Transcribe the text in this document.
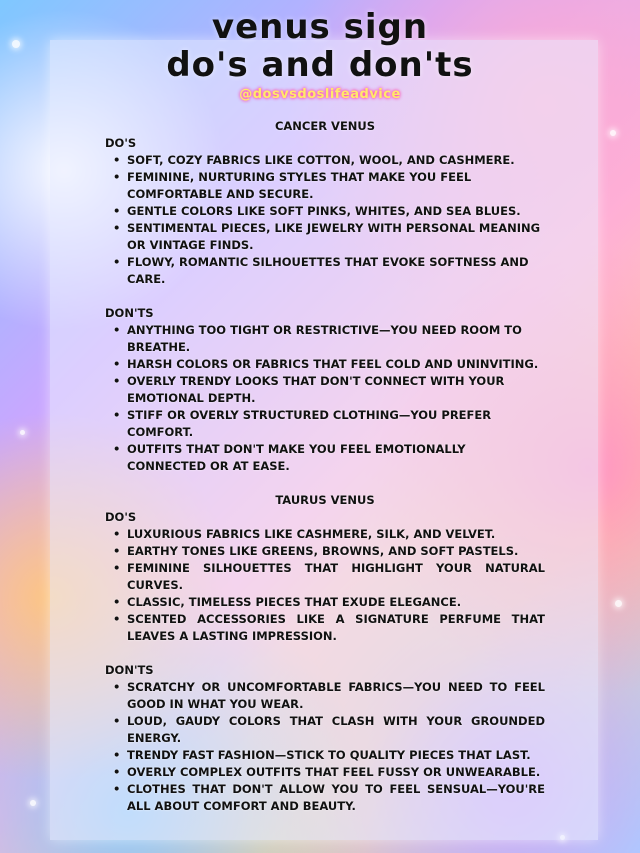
venus sign
do's and don'ts
@dosvsdoslifeadvice

CANCER VENUS

DO'S

• SOFT, COZY FABRICS LIKE COTTON, WOOL, AND CASHMERE.
• FEMININE, NURTURING STYLES THAT MAKE YOU FEEL COMFORTABLE AND SECURE.
• GENTLE COLORS LIKE SOFT PINKS, WHITES, AND SEA BLUES.
• SENTIMENTAL PIECES, LIKE JEWELRY WITH PERSONAL MEANING OR VINTAGE FINDS.
• FLOWY, ROMANTIC SILHOUETTES THAT EVOKE SOFTNESS AND CARE.

DON'TS

• ANYTHING TOO TIGHT OR RESTRICTIVE—YOU NEED ROOM TO BREATHE.
• HARSH COLORS OR FABRICS THAT FEEL COLD AND UNINVITING.
• OVERLY TRENDY LOOKS THAT DON'T CONNECT WITH YOUR EMOTIONAL DEPTH.
• STIFF OR OVERLY STRUCTURED CLOTHING—YOU PREFER COMFORT.
• OUTFITS THAT DON'T MAKE YOU FEEL EMOTIONALLY CONNECTED OR AT EASE.

TAURUS VENUS

DO'S

• LUXURIOUS FABRICS LIKE CASHMERE, SILK, AND VELVET.
• EARTHY TONES LIKE GREENS, BROWNS, AND SOFT PASTELS.
• FEMININE SILHOUETTES THAT HIGHLIGHT YOUR NATURAL CURVES.
• CLASSIC, TIMELESS PIECES THAT EXUDE ELEGANCE.
• SCENTED ACCESSORIES LIKE A SIGNATURE PERFUME THAT LEAVES A LASTING IMPRESSION.

DON'TS

• SCRATCHY OR UNCOMFORTABLE FABRICS—YOU NEED TO FEEL GOOD IN WHAT YOU WEAR.
• LOUD, GAUDY COLORS THAT CLASH WITH YOUR GROUNDED ENERGY.
• TRENDY FAST FASHION—STICK TO QUALITY PIECES THAT LAST.
• OVERLY COMPLEX OUTFITS THAT FEEL FUSSY OR UNWEARABLE.
• CLOTHES THAT DON'T ALLOW YOU TO FEEL SENSUAL—YOU'RE ALL ABOUT COMFORT AND BEAUTY.
